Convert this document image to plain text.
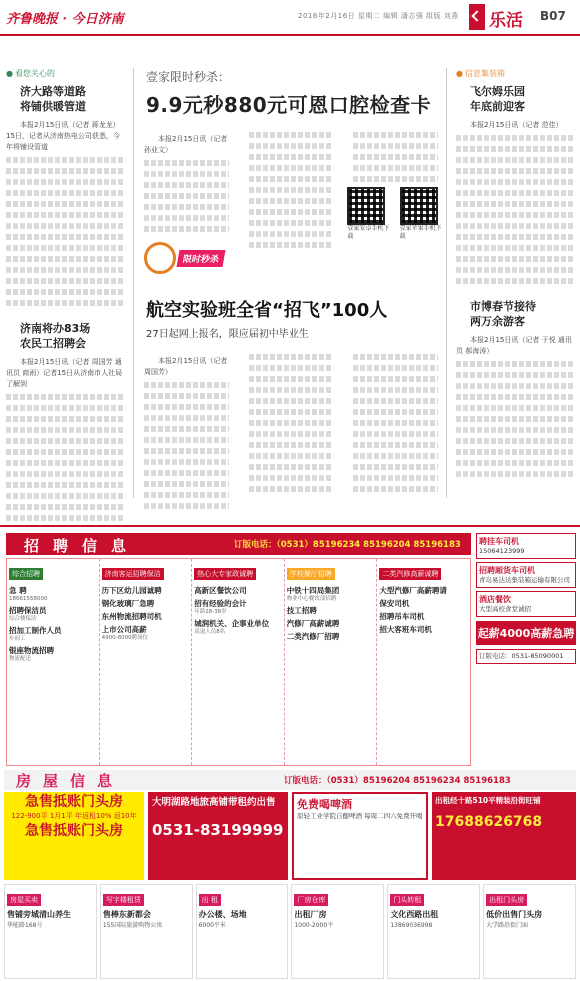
齐鲁晚报 · 今日济南	2016年2月16日 星期二 编辑 潘志强 组版 刘燕 乐活 B07
● 看您关心的
济大路等道路
将铺供暖管道
本报2月15日讯（记者 蒋龙龙）15日，记者从济南热电公司获悉，今年将铺设管道
济南将办83场
农民工招聘会
本报2月15日讯（记者 周国芳 通讯员 商雨）记者15日从济南市人社局了解到
壹家限时秒杀：
9.9元秒880元可恩口腔检查卡
本报2月15日讯（记者 孙业文）
限时秒杀
壹家安卓手机下载
壹家苹果手机下载
航空实验班全省“招飞”100人
27日起网上报名，限应届初中毕业生
本报2月15日讯（记者 周国芳）
● 信息集装箱
飞尔姆乐园
年底前迎客
本报2月15日讯（记者 范佳）
市博春节接待
两万余游客
本报2月15日讯（记者 于悦 通讯员 郝海涛）
招聘信息	订版电话：（0531）85196234 85196204 85196183
综合招聘
急 聘
18661558000
招聘保洁员
综合楼保洁
招加工制作人员
车间工
银座物流招聘
物流配送
济南客运招聘保洁
历下区幼儿园诚聘
钢化玻璃厂急聘
东州物流招聘司机
上市公司高薪
4900-8000聘岗位
热心大专家政诚聘
高新区餐饮公司
招有经验的会计
年龄28-38岁
城润机关、企事业单位
高退人员8名
学校餐厅招聘
中铁十四局集团
物业中心餐饮部招聘
技工招聘
汽修厂高薪诚聘
二类汽修厂招聘
二类汽修高薪诚聘
大型汽修厂高薪聘请
保安司机
招聘吊车司机
招大客班车司机
聘挂车司机
15064123999
招聘厢货车司机
青岛易达达集装箱运输有限公司
酒店餐饮
大型高校食堂诚招
起薪4000高薪急聘
订版电话：0531-85090001
房屋信息	订版电话：（0531）85196204 85196234 85196183
急售抵账门头房
122-900平 1月1平 年返租10% 返10年
急售抵账门头房
大明湖路地旅高铺带租约出售
0531-83199999
免费喝啤酒
原轻工业学院自酿啤酒 每周二四六免费开喝
出租经十路510平精装沿街旺铺
17688626768
房屋买卖
售铺旁城清山养生
华能路168号
写字楼租赁
售棒东新都会
155国际旅游购物公寓
出 租
办公楼、场地
6000平米
厂房仓库
出租厂房
1000-2000平
门头转租
文化西路出租
13869036998
出租门头房
低价出售门头房
大学路沿街门面
